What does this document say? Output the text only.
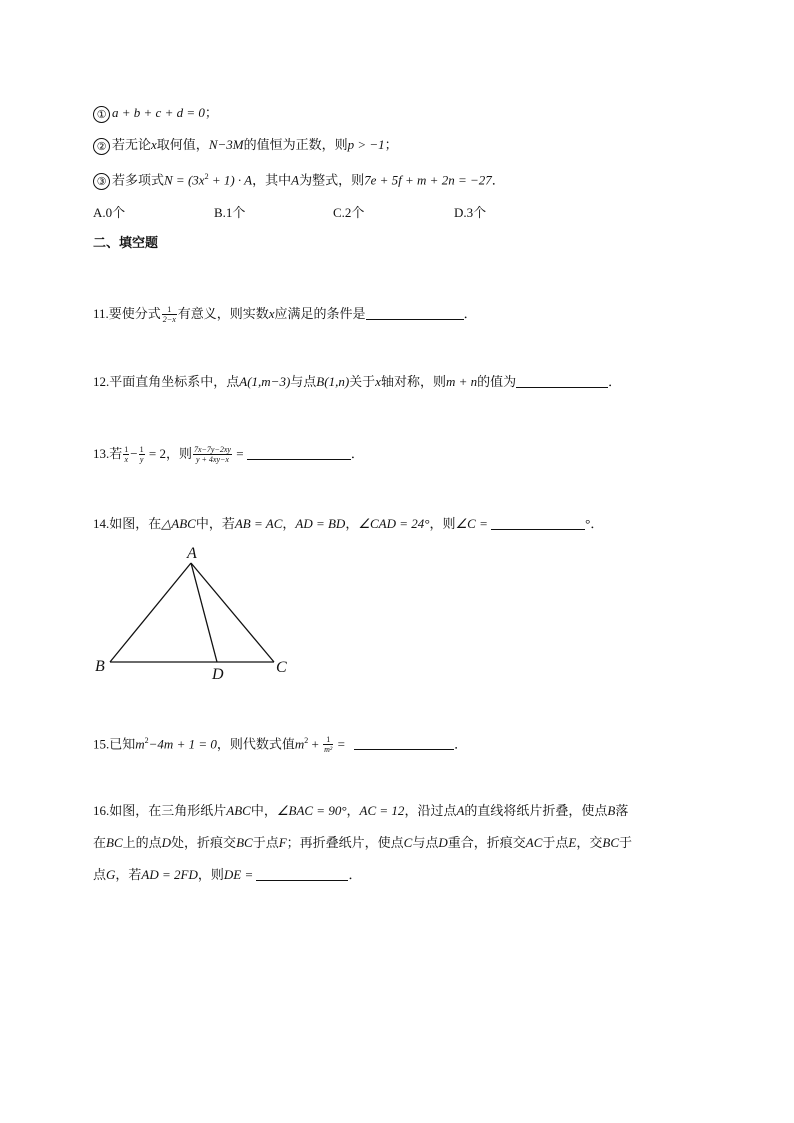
① a + b + c + d = 0；
② 若无论x取何值，N−3M的值恒为正数，则p > −1；
③ 若多项式$N = (3x^2 + 1) \cdot A$，其中A为整式，则7e + 5f + m + 2n = −27．
A.0个	B.1个	C.2个	D.3个
二、填空题
11.要使分式 $\frac{1}{2-x}$ 有意义，则实数x应满足的条件是	．
12.平面直角坐标系中，点A(1,m−3)与点B(1,n)关于x轴对称，则m + n的值为	．
13.若 $\frac{1}{x} - \frac{1}{y} = 2$，则 $\frac{7x-7y-2xy}{y + 4xy-x}$ =	．
14.如图，在△ABC中，若AB = AC，AD = BD，∠CAD = 24°，则∠C =	°．
A
B	C
D
15.已知$m^2-4m + 1 = 0$，则代数式值$m^2 + \frac{1}{\text{m²}}$ =	．
16.如图，在三角形纸片ABC中，∠BAC = 90°，AC = 12，沿过点A的直线将纸片折叠，使点B落
在BC上的点D处，折痕交BC于点F；再折叠纸片，使点C与点D重合，折痕交AC于点E，交BC于
点G，若AD = 2FD，则DE =	．
